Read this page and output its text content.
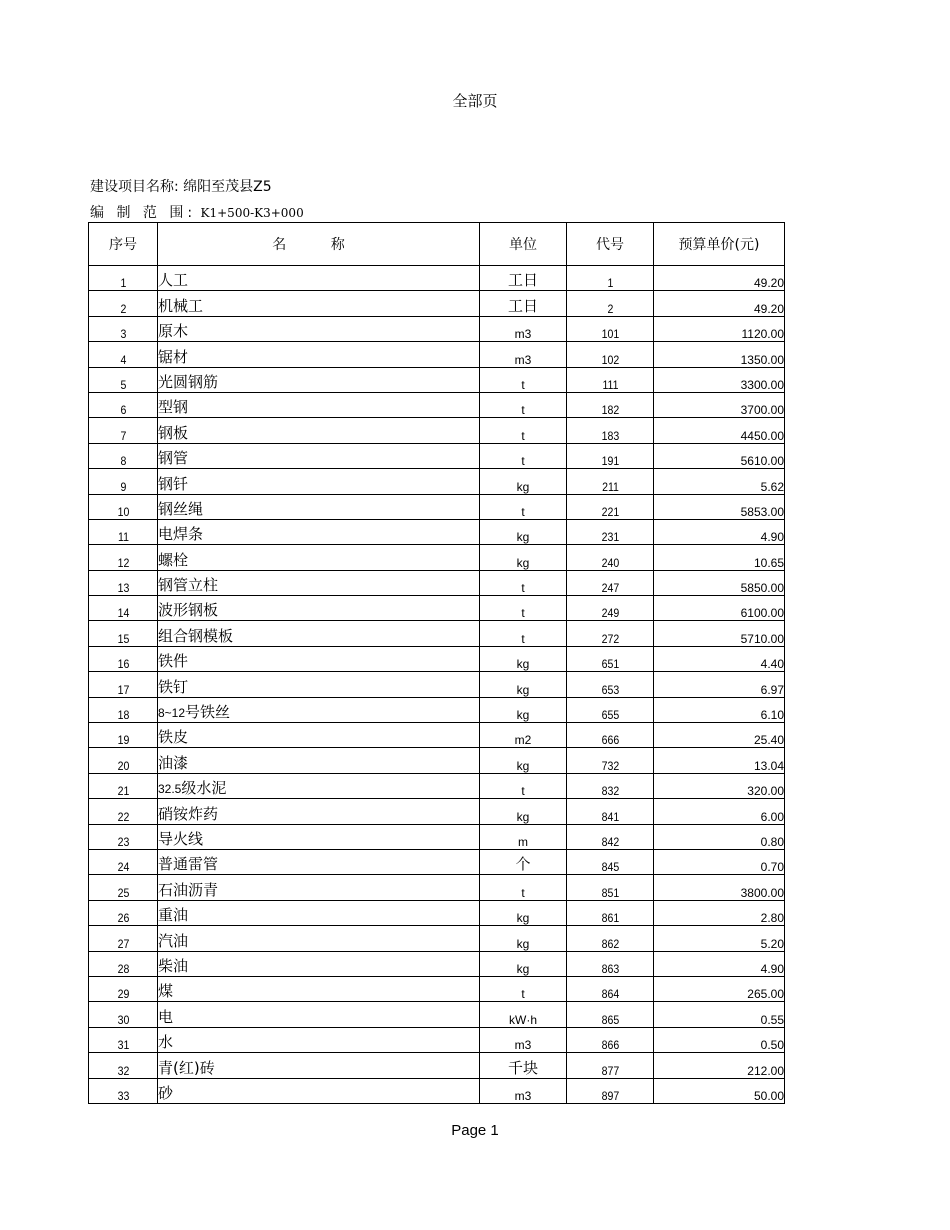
全部页
建设项目名称: 绵阳至茂县Z5
编 制 范 围: K1+500-K3+000
序号	名 称	单位	代号	预算单价(元)
1	人工	工日	1	49.20
2	机械工	工日	2	49.20
3	原木	m3	101	1120.00
4	锯材	m3	102	1350.00
5	光圆钢筋	t	111	3300.00
6	型钢	t	182	3700.00
7	钢板	t	183	4450.00
8	钢管	t	191	5610.00
9	钢钎	kg	211	5.62
10	钢丝绳	t	221	5853.00
11	电焊条	kg	231	4.90
12	螺栓	kg	240	10.65
13	钢管立柱	t	247	5850.00
14	波形钢板	t	249	6100.00
15	组合钢模板	t	272	5710.00
16	铁件	kg	651	4.40
17	铁钉	kg	653	6.97
18	8~12号铁丝	kg	655	6.10
19	铁皮	m2	666	25.40
20	油漆	kg	732	13.04
21	32.5级水泥	t	832	320.00
22	硝铵炸药	kg	841	6.00
23	导火线	m	842	0.80
24	普通雷管	个	845	0.70
25	石油沥青	t	851	3800.00
26	重油	kg	861	2.80
27	汽油	kg	862	5.20
28	柴油	kg	863	4.90
29	煤	t	864	265.00
30	电	kW·h	865	0.55
31	水	m3	866	0.50
32	青(红)砖	千块	877	212.00
33	砂	m3	897	50.00
Page 1
